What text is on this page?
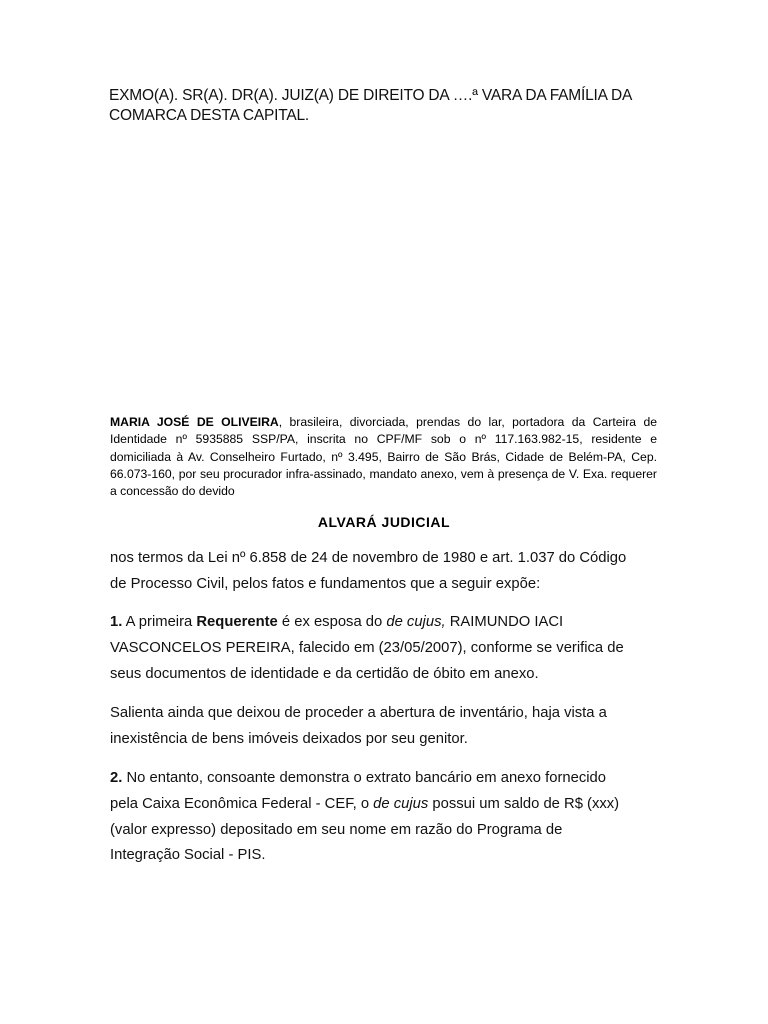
EXMO(A). SR(A). DR(A). JUIZ(A) DE DIREITO DA ….ª VARA DA FAMÍLIA DA
COMARCA DESTA CAPITAL.
MARIA JOSÉ DE OLIVEIRA, brasileira, divorciada, prendas do lar, portadora da Carteira de Identidade nº 5935885 SSP/PA, inscrita no CPF/MF sob o nº 117.163.982-15, residente e domiciliada à Av. Conselheiro Furtado, nº 3.495, Bairro de São Brás, Cidade de Belém-PA, Cep. 66.073-160, por seu procurador infra-assinado, mandato anexo, vem à presença de V. Exa. requerer a concessão do devido
ALVARÁ JUDICIAL
nos termos da Lei nº 6.858 de 24 de novembro de 1980 e art. 1.037 do Código
de Processo Civil, pelos fatos e fundamentos que a seguir expõe:
1. A primeira Requerente é ex esposa do de cujus, RAIMUNDO IACI
VASCONCELOS PEREIRA, falecido em (23/05/2007), conforme se verifica de
seus documentos de identidade e da certidão de óbito em anexo.
Salienta ainda que deixou de proceder a abertura de inventário, haja vista a
inexistência de bens imóveis deixados por seu genitor.
2. No entanto, consoante demonstra o extrato bancário em anexo fornecido
pela Caixa Econômica Federal - CEF, o de cujus possui um saldo de R$ (xxx)
(valor expresso) depositado em seu nome em razão do Programa de
Integração Social - PIS.
